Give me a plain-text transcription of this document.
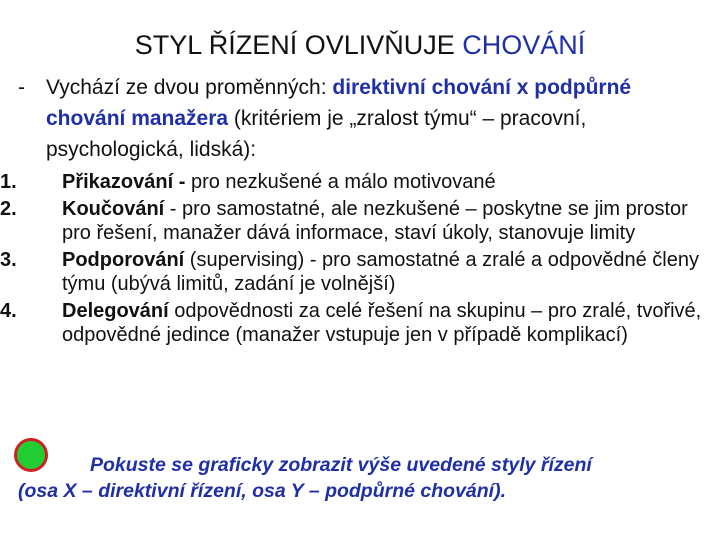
STYL ŘÍZENÍ OVLIVŇUJE CHOVÁNÍ
- Vychází ze dvou proměnných: direktivní chování x podpůrné chování manažera (kritériem je „zralost týmu“ – pracovní, psychologická, lidská):
1.	Přikazování - pro nezkušené a málo motivované
2.	Koučování - pro samostatné, ale nezkušené – poskytne se jim prostor pro řešení, manažer dává informace, staví úkoly, stanovuje limity
3.	Podporování (supervising) - pro samostatné a zralé a odpovědné členy týmu (ubývá limitů, zadání je volnější)
4.	Delegování odpovědnosti za celé řešení na skupinu – pro zralé, tvořivé, odpovědné jedince (manažer vstupuje jen v případě komplikací)
Pokuste se graficky zobrazit výše uvedené styly řízení
(osa X – direktivní řízení, osa Y – podpůrné chování).
